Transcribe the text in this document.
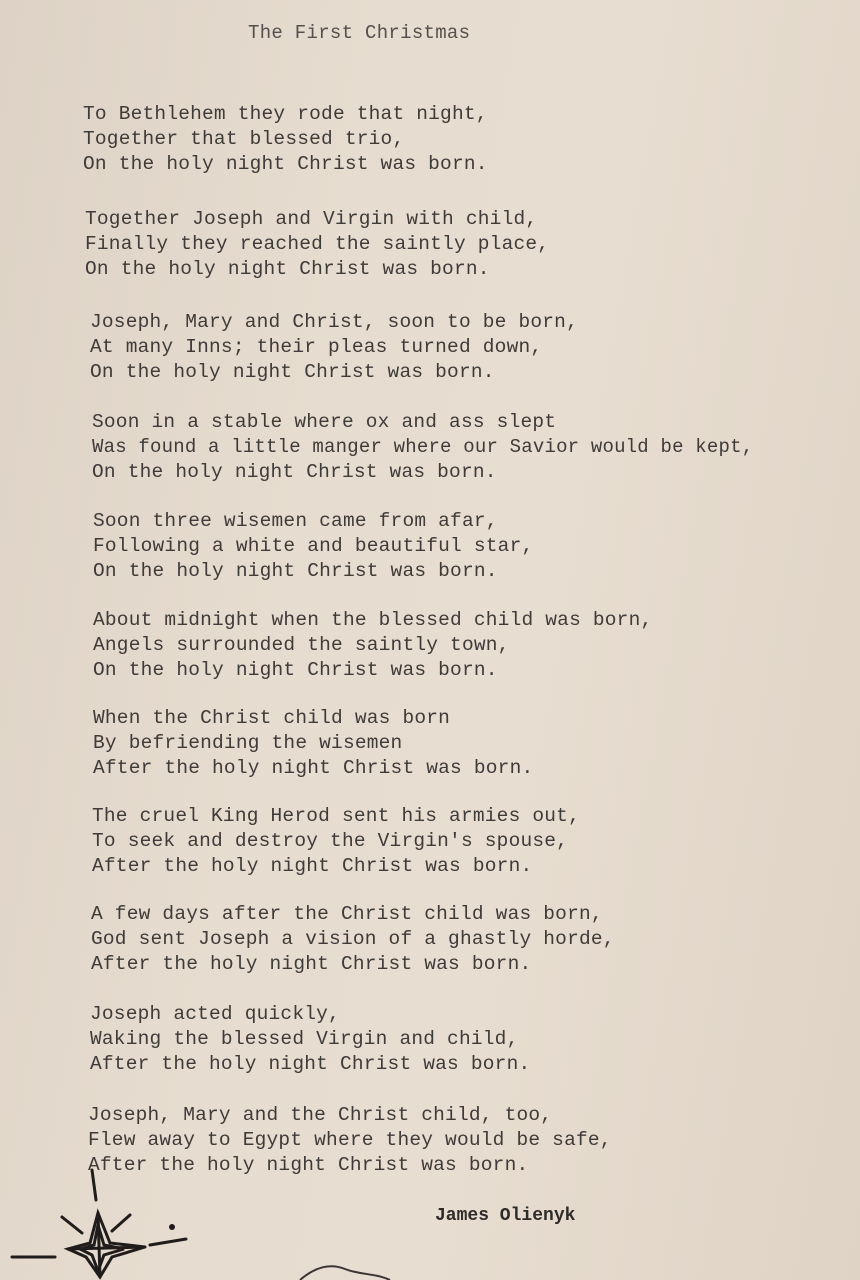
The First Christmas
To Bethlehem they rode that night,
Together that blessed trio,
On the holy night Christ was born.
Together Joseph and Virgin with child,
Finally they reached the saintly place,
On the holy night Christ was born.
Joseph, Mary and Christ, soon to be born,
At many Inns; their pleas turned down,
On the holy night Christ was born.
Soon in a stable where ox and ass slept
Was found a little manger where our Savior would be kept,
On the holy night Christ was born.
Soon three wisemen came from afar,
Following a white and beautiful star,
On the holy night Christ was born.
About midnight when the blessed child was born,
Angels surrounded the saintly town,
On the holy night Christ was born.
When the Christ child was born
By befriending the wisemen
After the holy night Christ was born.
The cruel King Herod sent his armies out,
To seek and destroy the Virgin's spouse,
After the holy night Christ was born.
A few days after the Christ child was born,
God sent Joseph a vision of a ghastly horde,
After the holy night Christ was born.
Joseph acted quickly,
Waking the blessed Virgin and child,
After the holy night Christ was born.
Joseph, Mary and the Christ child, too,
Flew away to Egypt where they would be safe,
After the holy night Christ was born.
James Olienyk
